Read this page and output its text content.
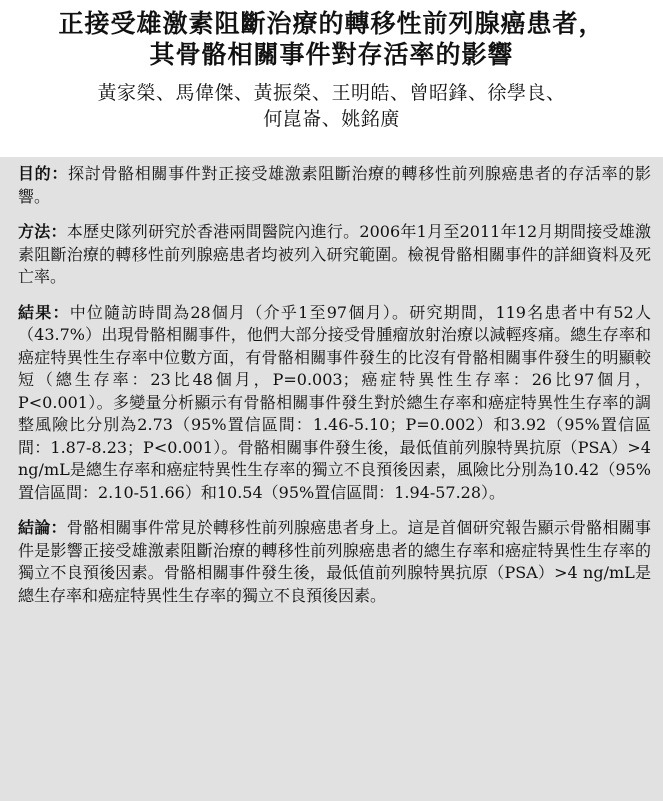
正接受雄激素阻斷治療的轉移性前列腺癌患者，
其骨骼相關事件對存活率的影響
黃家榮、馬偉傑、黃振榮、王明皓、曾昭鋒、徐學良、
何崑崙、姚銘廣

目的：探討骨骼相關事件對正接受雄激素阻斷治療的轉移性前列腺癌患者的存活率的影響。

方法：本歷史隊列研究於香港兩間醫院內進行。2006年1月至2011年12月期間接受雄激素阻斷治療的轉移性前列腺癌患者均被列入研究範圍。檢視骨骼相關事件的詳細資料及死亡率。

結果：中位隨訪時間為28個月（介乎1至97個月）。研究期間，119名患者中有52人（43.7%）出現骨骼相關事件，他們大部分接受骨腫瘤放射治療以減輕疼痛。總生存率和癌症特異性生存率中位數方面，有骨骼相關事件發生的比沒有骨骼相關事件發生的明顯較短（總生存率：23比48個月，P=0.003；癌症特異性生存率：26比97個月，P<0.001）。多變量分析顯示有骨骼相關事件發生對於總生存率和癌症特異性生存率的調整風險比分別為2.73（95%置信區間：1.46-5.10；P=0.002）和3.92（95%置信區間：1.87-8.23；P<0.001）。骨骼相關事件發生後，最低值前列腺特異抗原（PSA）>4 ng/mL是總生存率和癌症特異性生存率的獨立不良預後因素，風險比分別為10.42（95%置信區間：2.10-51.66）和10.54（95%置信區間：1.94-57.28）。

結論：骨骼相關事件常見於轉移性前列腺癌患者身上。這是首個研究報告顯示骨骼相關事件是影響正接受雄激素阻斷治療的轉移性前列腺癌患者的總生存率和癌症特異性生存率的獨立不良預後因素。骨骼相關事件發生後，最低值前列腺特異抗原（PSA）>4 ng/mL是總生存率和癌症特異性生存率的獨立不良預後因素。
